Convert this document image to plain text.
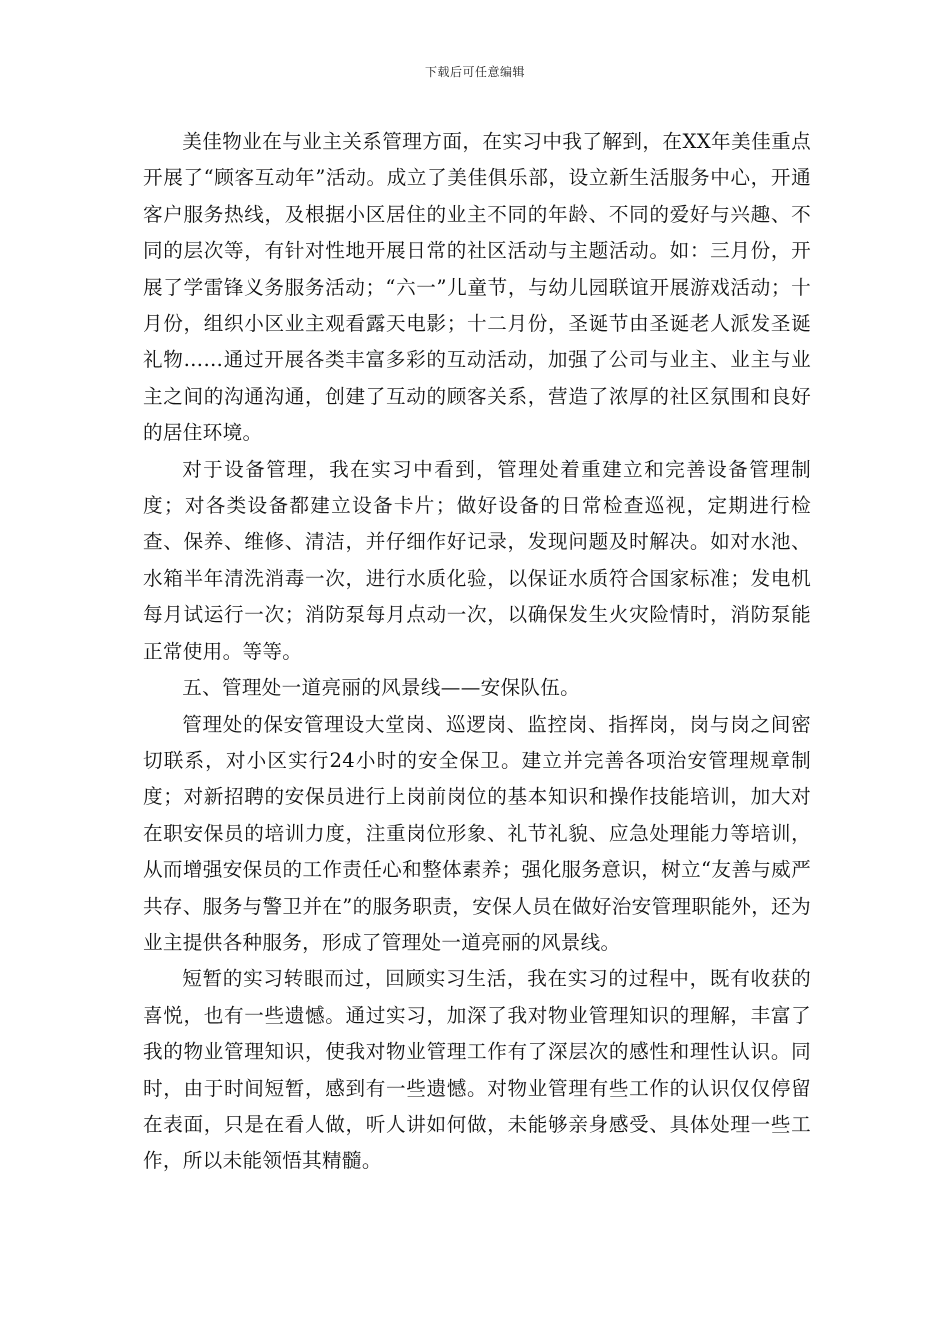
下载后可任意编辑

美佳物业在与业主关系管理方面，在实习中我了解到，在XX年美佳重点开展了“顾客互动年”活动。成立了美佳俱乐部，设立新生活服务中心，开通客户服务热线，及根据小区居住的业主不同的年龄、不同的爱好与兴趣、不同的层次等，有针对性地开展日常的社区活动与主题活动。如：三月份，开展了学雷锋义务服务活动；“六一”儿童节，与幼儿园联谊开展游戏活动；十月份，组织小区业主观看露天电影；十二月份，圣诞节由圣诞老人派发圣诞礼物……通过开展各类丰富多彩的互动活动，加强了公司与业主、业主与业主之间的沟通沟通，创建了互动的顾客关系，营造了浓厚的社区氛围和良好的居住环境。

对于设备管理，我在实习中看到，管理处着重建立和完善设备管理制度；对各类设备都建立设备卡片；做好设备的日常检查巡视，定期进行检查、保养、维修、清洁，并仔细作好记录，发现问题及时解决。如对水池、水箱半年清洗消毒一次，进行水质化验，以保证水质符合国家标准；发电机每月试运行一次；消防泵每月点动一次，以确保发生火灾险情时，消防泵能正常使用。等等。

五、管理处一道亮丽的风景线——安保队伍。

管理处的保安管理设大堂岗、巡逻岗、监控岗、指挥岗，岗与岗之间密切联系，对小区实行24小时的安全保卫。建立并完善各项治安管理规章制度；对新招聘的安保员进行上岗前岗位的基本知识和操作技能培训，加大对在职安保员的培训力度，注重岗位形象、礼节礼貌、应急处理能力等培训，从而增强安保员的工作责任心和整体素养；强化服务意识，树立“友善与威严共存、服务与警卫并在”的服务职责，安保人员在做好治安管理职能外，还为业主提供各种服务，形成了管理处一道亮丽的风景线。

短暂的实习转眼而过，回顾实习生活，我在实习的过程中，既有收获的喜悦，也有一些遗憾。通过实习，加深了我对物业管理知识的理解，丰富了我的物业管理知识，使我对物业管理工作有了深层次的感性和理性认识。同时，由于时间短暂，感到有一些遗憾。对物业管理有些工作的认识仅仅停留在表面，只是在看人做，听人讲如何做，未能够亲身感受、具体处理一些工作，所以未能领悟其精髓。
